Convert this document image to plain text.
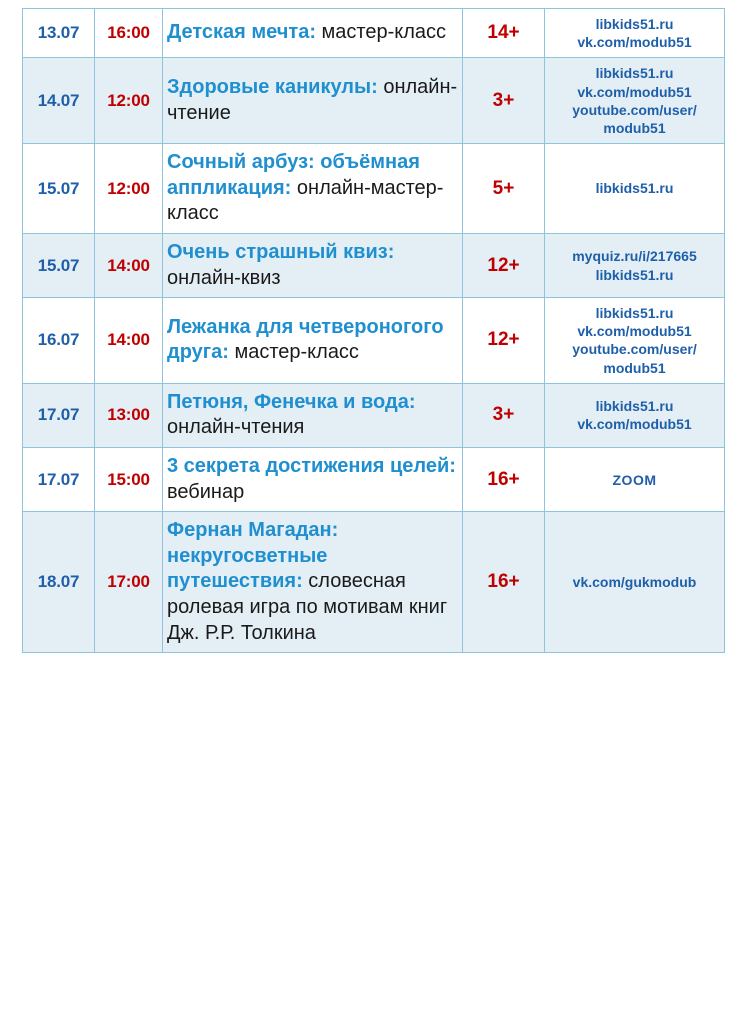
13.07	16:00	Детская мечта: мастер-класс	14+	libkids51.ru
vk.com/modub51

14.07	12:00	Здоровые каникулы: онлайн-чтение	3+	libkids51.ru
vk.com/modub51
youtube.com/user/
modub51

15.07	12:00	Сочный арбуз: объёмная аппликация: онлайн-мастер-класс	5+	libkids51.ru

15.07	14:00	Очень страшный квиз: онлайн-квиз	12+	myquiz.ru/i/217665
libkids51.ru

16.07	14:00	Лежанка для четвероногого друга: мастер-класс	12+	libkids51.ru
vk.com/modub51
youtube.com/user/
modub51

17.07	13:00	Петюня, Фенечка и вода: онлайн-чтения	3+	libkids51.ru
vk.com/modub51

17.07	15:00	3 секрета достижения целей: вебинар	16+	ZOOM

18.07	17:00	Фернан Магадан: некругосветные путешествия: словесная ролевая игра по мотивам книг Дж. Р.Р. Толкина	16+	vk.com/gukmodub
